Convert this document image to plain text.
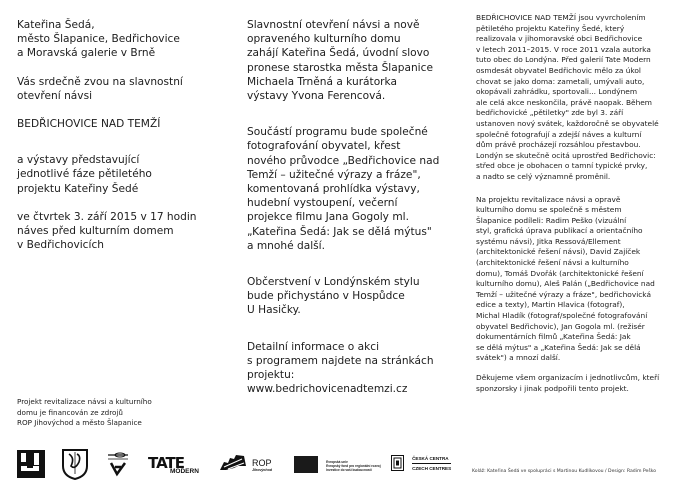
Kateřina Šedá,
město Šlapanice, Bedřichovice
a Moravská galerie v Brně

Vás srdečně zvou na slavnostní
otevření návsi

BEDŘICHOVICE NAD TEMŽÍ

a výstavy představující
jednotlivé fáze pětiletého
projektu Kateřiny Šedé

ve čtvrtek 3. září 2015 v 17 hodin
náves před kulturním domem
v Bedřichovicích

Slavnostní otevření návsi a nově
opraveného kulturního domu
zahájí Kateřina Šedá, úvodní slovo
pronese starostka města Šlapanice
Michaela Trněná a kurátorka
výstavy Yvona Ferencová.

Součástí programu bude společné
fotografování obyvatel, křest
nového průvodce „Bedřichovice nad
Temží – užitečné výrazy a fráze",
komentovaná prohlídka výstavy,
hudební vystoupení, večerní
projekce filmu Jana Gogoly ml.
„Kateřina Šedá: Jak se dělá mýtus"
a mnohé další.

Občerstvení v Londýnském stylu
bude přichystáno v Hospůdce
U Hasičky.

Detailní informace o akci
s programem najdete na stránkách
projektu:
www.bedrichovicenadtemzi.cz

BEDŘICHOVICE NAD TEMŽÍ jsou vyvrcholením
pětiletého projektu Kateřiny Šedé, který
realizovala v jihomoravské obci Bedřichovice
v letech 2011–2015. V roce 2011 vzala autorka
tuto obec do Londýna. Před galerií Tate Modern
osmdesát obyvatel Bedřichovic mělo za úkol
chovat se jako doma: zametali, umývali auto,
okopávali zahrádku, sportovali... Londýnem
ale celá akce neskončila, právě naopak. Během
bedřichovické „pětiletky" zde byl 3. září
ustanoven nový svátek, každoročně se obyvatelé
společně fotografují a zdejší náves a kulturní
dům právě procházejí rozsáhlou přestavbou.
Londýn se skutečně ocitá uprostřed Bedřichovic:
střed obce je obohacen o tamní typické prvky,
a nadto se celý významně proměnil.

Na projektu revitalizace návsi a opravě
kulturního domu se společně s městem
Šlapanice podíleli: Radim Peško (vizuální
styl, grafická úprava publikací a orientačního
systému návsi), Jitka Ressová/Ellement
(architektonické řešení návsi), David Zajíček
(architektonické řešení návsi a kulturního
domu), Tomáš Dvořák (architektonické řešení
kulturního domu), Aleš Palán („Bedřichovice nad
Temží – užitečné výrazy a fráze", bedřichovická
edice a texty), Martin Hlavica (fotograf),
Michal Hladík (fotograf/společné fotografování
obyvatel Bedřichovic), Jan Gogola ml. (režisér
dokumentárních filmů „Kateřina Šedá: Jak
se dělá mýtus" a „Kateřina Šedá: Jak se dělá
svátek") a mnozí další.

Děkujeme všem organizacím i jednotlivcům, kteří
sponzorsky i jinak podpořili tento projekt.

Projekt revitalizace návsi a kulturního
domu je financován ze zdrojů
ROP Jihovýchod a město Šlapanice
TATE
MODERN
ROP
Jihovýchod
Evropská unie
Evropský fond pro regionální rozvoj
Investice do vaší budoucnosti

ČESKÁ CENTRA
CZECH CENTRES
Koláž: Kateřina Šedá ve spolupráci s Martinou Kudlíkovou / Design: Radim Peško
